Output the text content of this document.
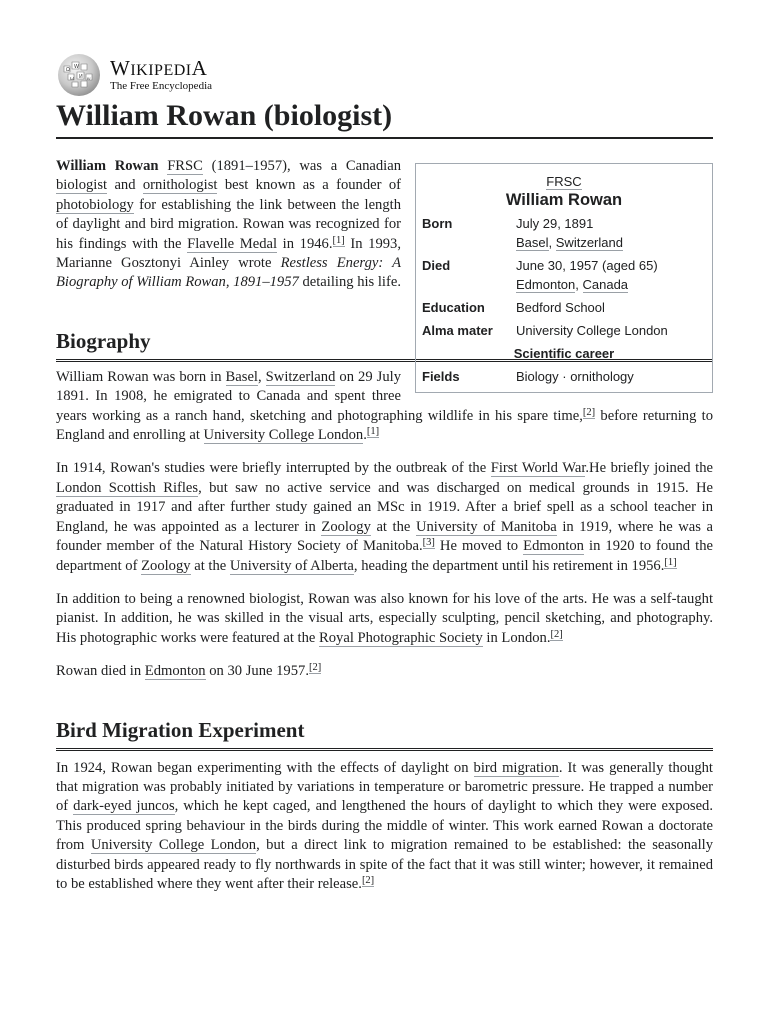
Ω W
И
ω	ש WIKIPEDIA
The Free Encyclopedia
William Rowan (biologist)
FRSC
William Rowan
Born	July 29, 1891
Basel, Switzerland
Died	June 30, 1957 (aged 65)
Edmonton, Canada
Education	Bedford School
Alma mater	University College London
Scientific career
Fields	Biology · ornithology

William Rowan FRSC (1891–1957), was a Canadian biologist and ornithologist best known as a founder of photobiology for establishing the link between the length of daylight and bird migration. Rowan was recognized for his findings with the Flavelle Medal in 1946.[1] In 1993, Marianne Gosztonyi Ainley wrote Restless Energy: A Biography of William Rowan, 1891–1957 detailing his life.

Biography

William Rowan was born in Basel, Switzerland on 29 July 1891. In 1908, he emigrated to Canada and spent three years working as a ranch hand, sketching and photographing wildlife in his spare time,[2] before returning to England and enrolling at University College London.[1]

In 1914, Rowan's studies were briefly interrupted by the outbreak of the First World War.He briefly joined the London Scottish Rifles, but saw no active service and was discharged on medical grounds in 1915. He graduated in 1917 and after further study gained an MSc in 1919. After a brief spell as a school teacher in England, he was appointed as a lecturer in Zoology at the University of Manitoba in 1919, where he was a founder member of the Natural History Society of Manitoba.[3] He moved to Edmonton in 1920 to found the department of Zoology at the University of Alberta, heading the department until his retirement in 1956.[1]

In addition to being a renowned biologist, Rowan was also known for his love of the arts. He was a self-taught pianist. In addition, he was skilled in the visual arts, especially sculpting, pencil sketching, and photography. His photographic works were featured at the Royal Photographic Society in London.[2]

Rowan died in Edmonton on 30 June 1957.[2]

Bird Migration Experiment

In 1924, Rowan began experimenting with the effects of daylight on bird migration. It was generally thought that migration was probably initiated by variations in temperature or barometric pressure. He trapped a number of dark-eyed juncos, which he kept caged, and lengthened the hours of daylight to which they were exposed. This produced spring behaviour in the birds during the middle of winter. This work earned Rowan a doctorate from University College London, but a direct link to migration remained to be established: the seasonally disturbed birds appeared ready to fly northwards in spite of the fact that it was still winter; however, it remained to be established where they went after their release.[2]
